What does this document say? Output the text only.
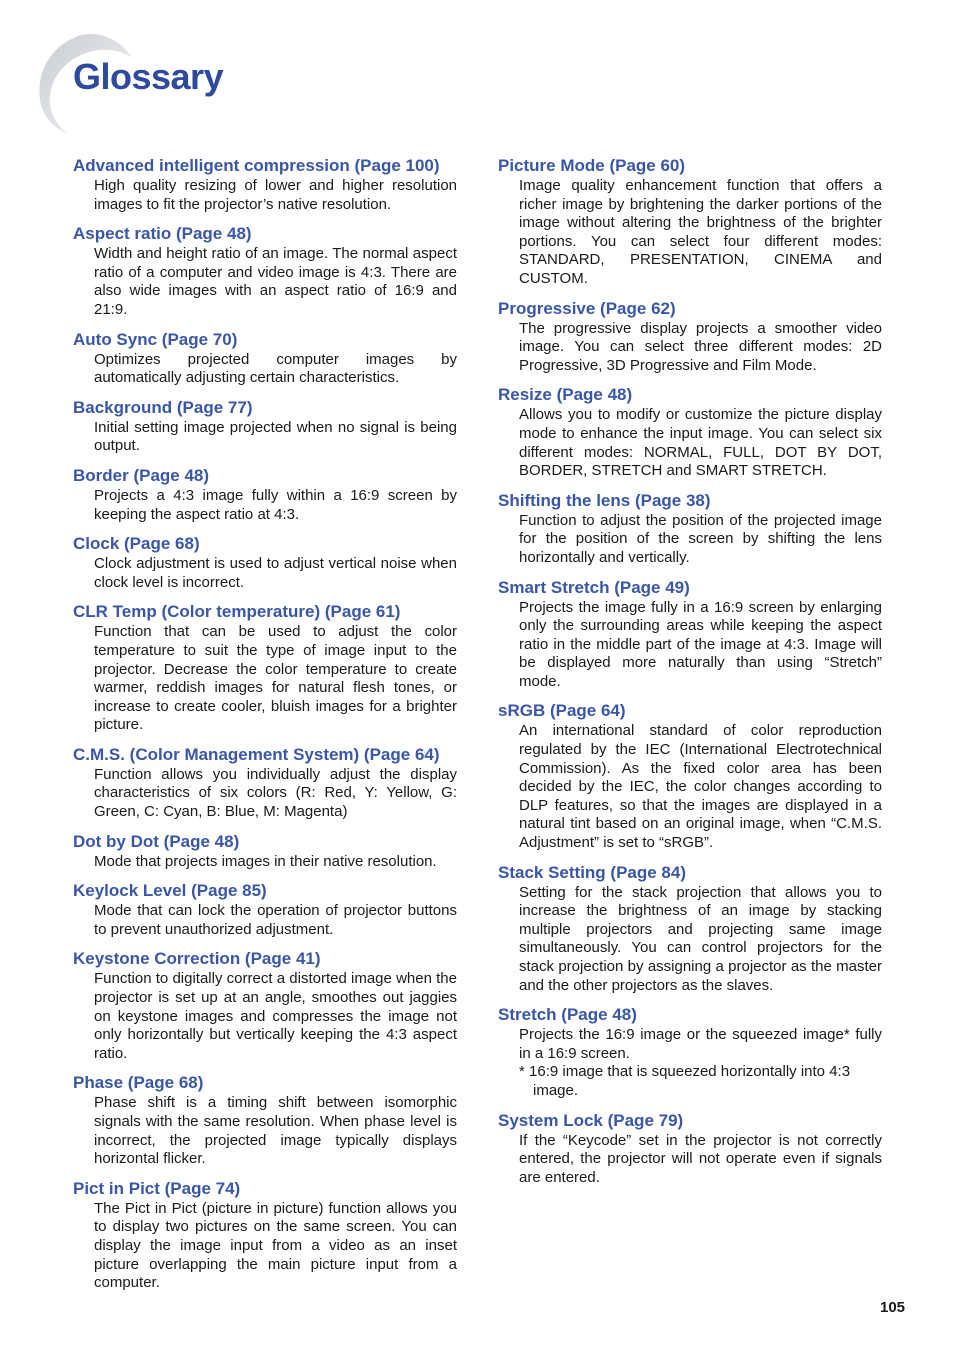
Glossary

Advanced intelligent compression (Page 100)

High quality resizing of lower and higher resolution images to fit the projector’s native resolution.

Aspect ratio (Page 48)

Width and height ratio of an image. The normal aspect ratio of a computer and video image is 4:3. There are also wide images with an aspect ratio of 16:9 and 21:9.

Auto Sync (Page 70)

Optimizes projected computer images by automatically adjusting certain characteristics.

Background (Page 77)

Initial setting image projected when no signal is being output.

Border (Page 48)

Projects a 4:3 image fully within a 16:9 screen by keeping the aspect ratio at 4:3.

Clock (Page 68)

Clock adjustment is used to adjust vertical noise when clock level is incorrect.

CLR Temp (Color temperature) (Page 61)

Function that can be used to adjust the color temperature to suit the type of image input to the projector. Decrease the color temperature to create warmer, reddish images for natural flesh tones, or increase to create cooler, bluish images for a brighter picture.

C.M.S. (Color Management System) (Page 64)

Function allows you individually adjust the display characteristics of six colors (R: Red, Y: Yellow, G: Green, C: Cyan, B: Blue, M: Magenta)

Dot by Dot (Page 48)

Mode that projects images in their native resolution.

Keylock Level (Page 85)

Mode that can lock the operation of projector buttons to prevent unauthorized adjustment.

Keystone Correction (Page 41)

Function to digitally correct a distorted image when the projector is set up at an angle, smoothes out jaggies on keystone images and compresses the image not only horizontally but vertically keeping the 4:3 aspect ratio.

Phase (Page 68)

Phase shift is a timing shift between isomorphic signals with the same resolution. When phase level is incorrect, the projected image typically displays horizontal flicker.

Pict in Pict (Page 74)

The Pict in Pict (picture in picture) function allows you to display two pictures on the same screen. You can display the image input from a video as an inset picture overlapping the main picture input from a computer.

Picture Mode (Page 60)

Image quality enhancement function that offers a richer image by brightening the darker portions of the image without altering the brightness of the brighter portions. You can select four different modes: STANDARD, PRESENTATION, CINEMA and CUSTOM.

Progressive (Page 62)

The progressive display projects a smoother video image. You can select three different modes: 2D Progressive, 3D Progressive and Film Mode.

Resize (Page 48)

Allows you to modify or customize the picture display mode to enhance the input image. You can select six different modes: NORMAL, FULL, DOT BY DOT, BORDER, STRETCH and SMART STRETCH.

Shifting the lens (Page 38)

Function to adjust the position of the projected image for the position of the screen by shifting the lens horizontally and vertically.

Smart Stretch (Page 49)

Projects the image fully in a 16:9 screen by enlarging only the surrounding areas while keeping the aspect ratio in the middle part of the image at 4:3. Image will be displayed more naturally than using “Stretch” mode.

sRGB (Page 64)

An international standard of color reproduction regulated by the IEC (International Electrotechnical Commission). As the fixed color area has been decided by the IEC, the color changes according to DLP features, so that the images are displayed in a natural tint based on an original image, when “C.M.S. Adjustment” is set to “sRGB”.

Stack Setting (Page 84)

Setting for the stack projection that allows you to increase the brightness of an image by stacking multiple projectors and projecting same image simultaneously. You can control projectors for the stack projection by assigning a projector as the master and the other projectors as the slaves.

Stretch (Page 48)

Projects the 16:9 image or the squeezed image* fully in a 16:9 screen.

* 16:9 image that is squeezed horizontally into 4:3 image.

System Lock (Page 79)

If the “Keycode” set in the projector is not correctly entered, the projector will not operate even if signals are entered.

105
